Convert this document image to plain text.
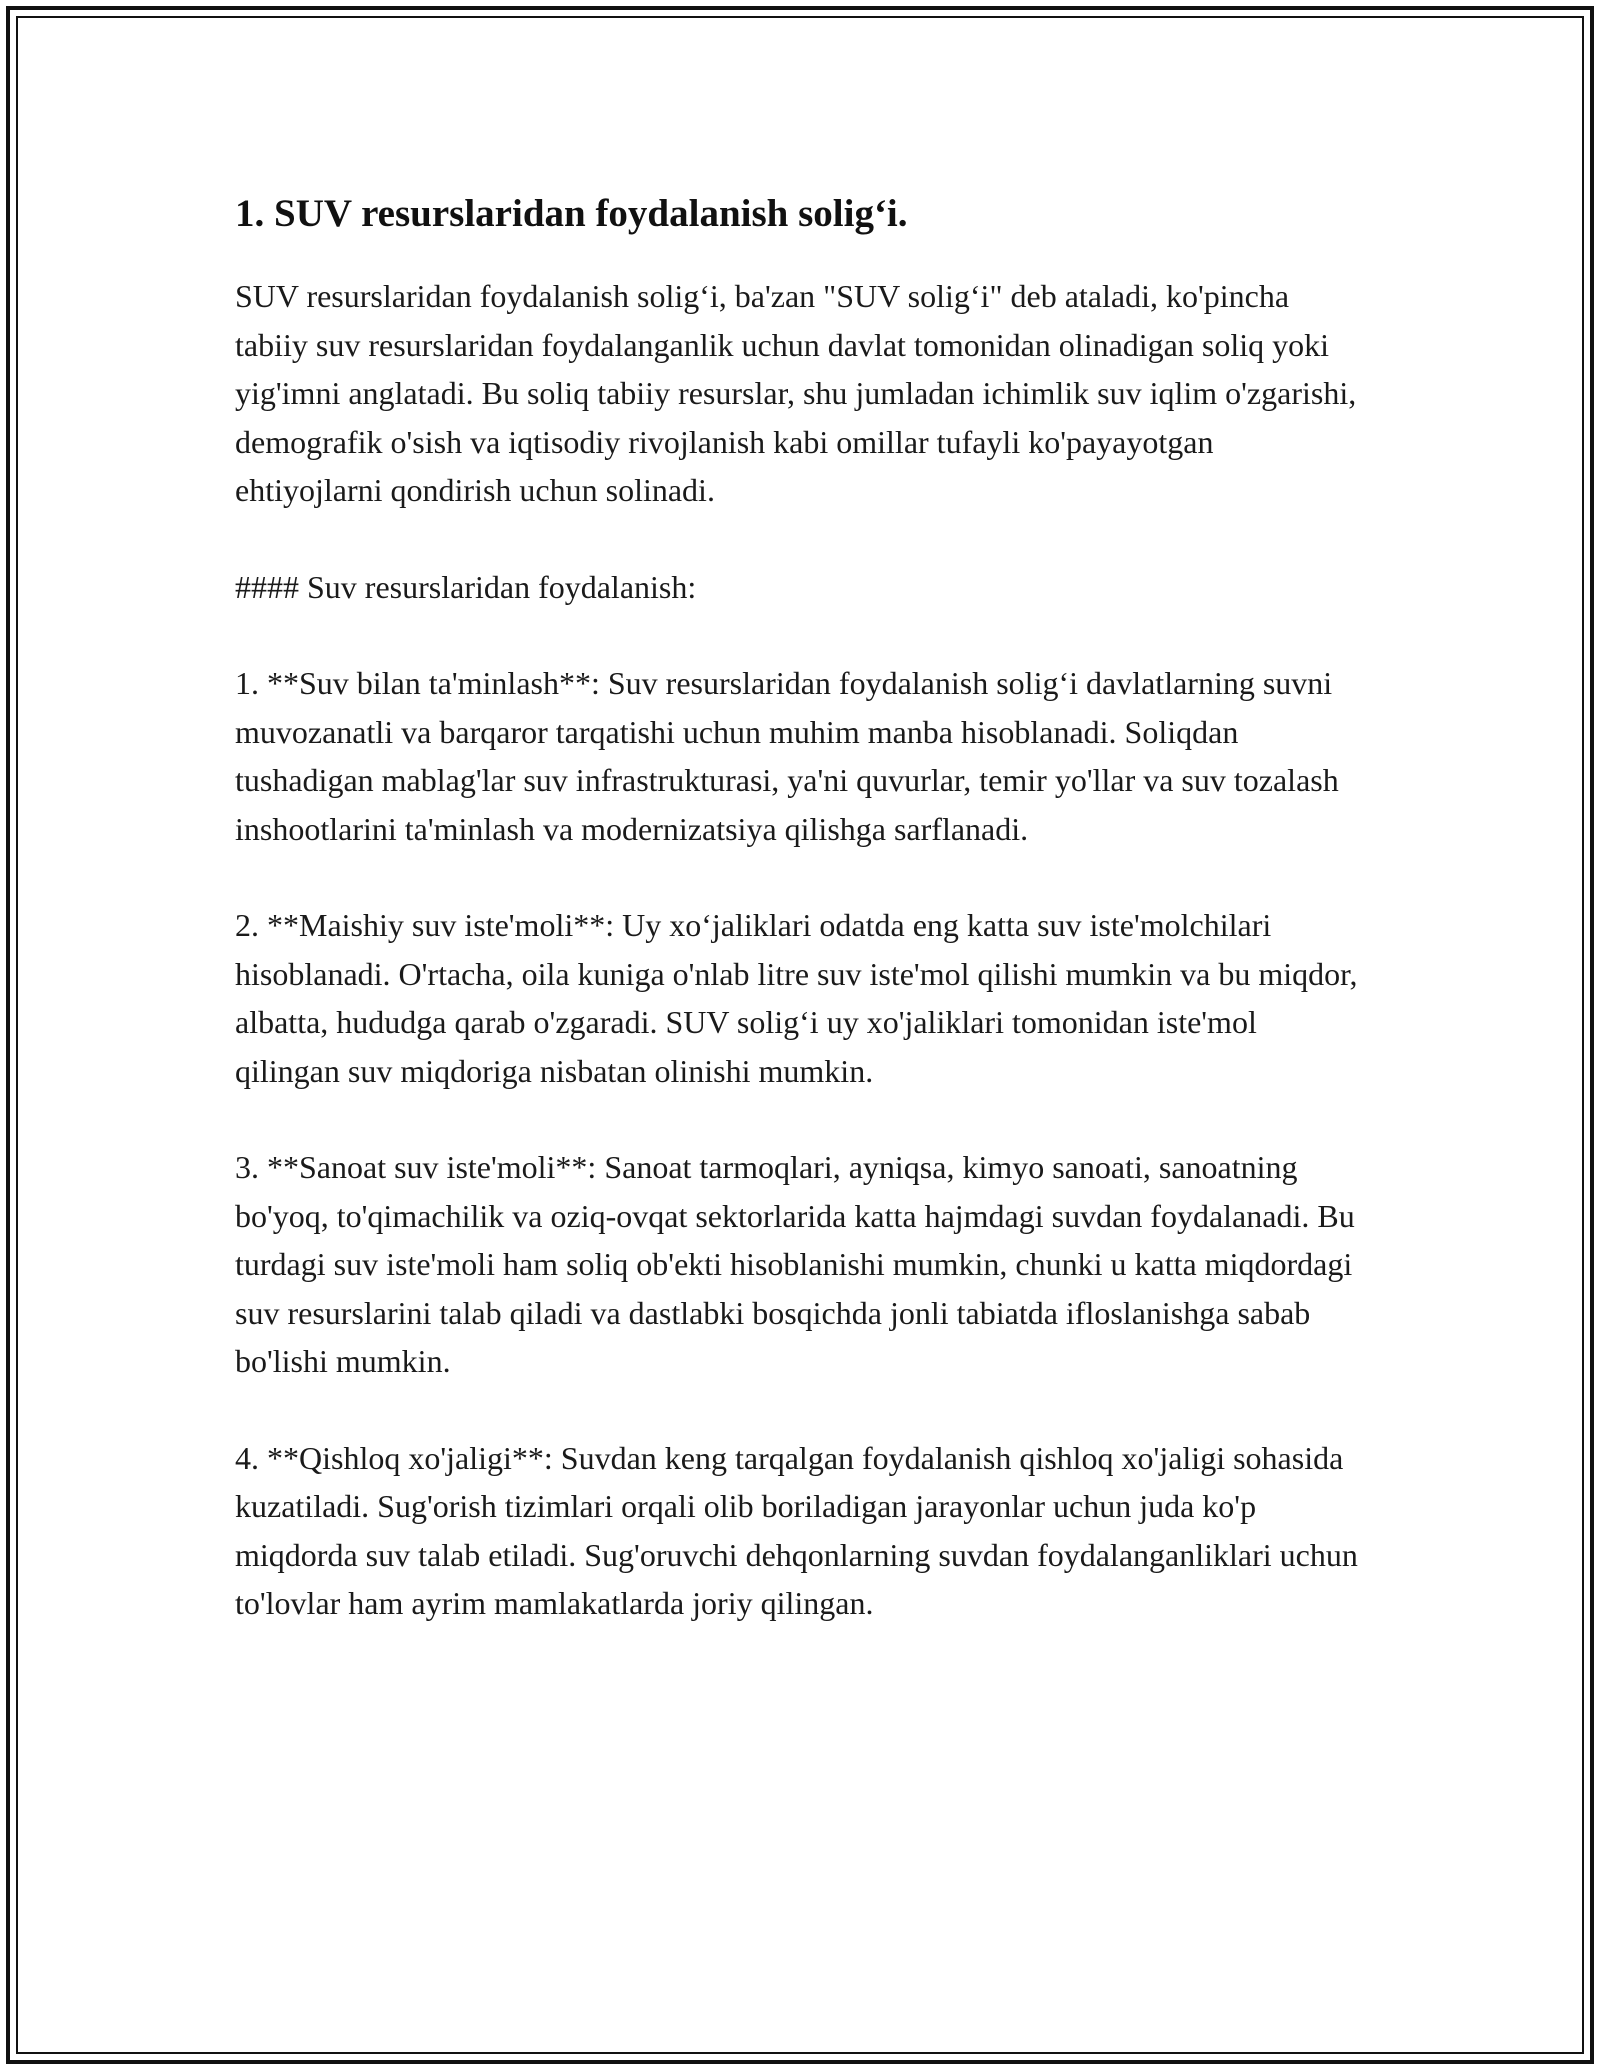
1. SUV resurslaridan foydalanish solig‘i.

SUV resurslaridan foydalanish solig‘i, ba'zan "SUV solig‘i" deb ataladi, ko'pincha tabiiy suv resurslaridan foydalanganlik uchun davlat tomonidan olinadigan soliq yoki yig'imni anglatadi. Bu soliq tabiiy resurslar, shu jumladan ichimlik suv iqlim o'zgarishi, demografik o'sish va iqtisodiy rivojlanish kabi omillar tufayli ko'payayotgan ehtiyojlarni qondirish uchun solinadi.

#### Suv resurslaridan foydalanish:

1. **Suv bilan ta'minlash**: Suv resurslaridan foydalanish solig‘i davlatlarning suvni muvozanatli va barqaror tarqatishi uchun muhim manba hisoblanadi. Soliqdan tushadigan mablag'lar suv infrastrukturasi, ya'ni quvurlar, temir yo'llar va suv tozalash inshootlarini ta'minlash va modernizatsiya qilishga sarflanadi.

2. **Maishiy suv iste'moli**: Uy xo‘jaliklari odatda eng katta suv iste'molchilari hisoblanadi. O'rtacha, oila kuniga o'nlab litre suv iste'mol qilishi mumkin va bu miqdor, albatta, hududga qarab o'zgaradi. SUV solig‘i uy xo'jaliklari tomonidan iste'mol qilingan suv miqdoriga nisbatan olinishi mumkin.

3. **Sanoat suv iste'moli**: Sanoat tarmoqlari, ayniqsa, kimyo sanoati, sanoatning bo'yoq, to'qimachilik va oziq-ovqat sektorlarida katta hajmdagi suvdan foydalanadi. Bu turdagi suv iste'moli ham soliq ob'ekti hisoblanishi mumkin, chunki u katta miqdordagi suv resurslarini talab qiladi va dastlabki bosqichda jonli tabiatda ifloslanishga sabab bo'lishi mumkin.

4. **Qishloq xo'jaligi**: Suvdan keng tarqalgan foydalanish qishloq xo'jaligi sohasida kuzatiladi. Sug'orish tizimlari orqali olib boriladigan jarayonlar uchun juda ko'p miqdorda suv talab etiladi. Sug'oruvchi dehqonlarning suvdan foydalanganliklari uchun to'lovlar ham ayrim mamlakatlarda joriy qilingan.
